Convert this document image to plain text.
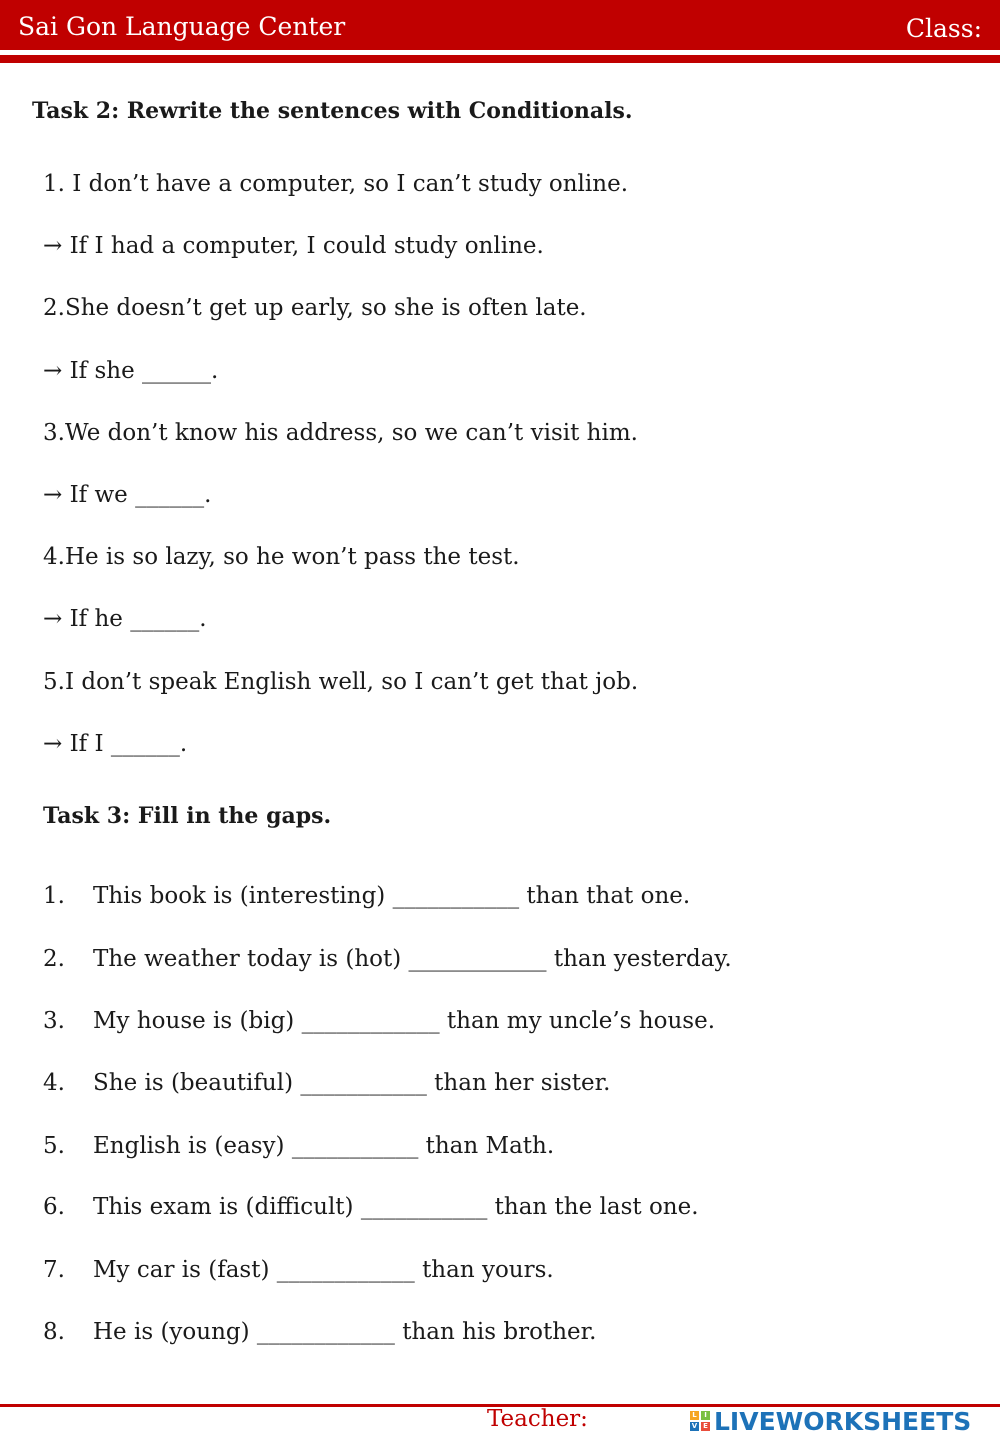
Sai Gon Language Center	Class:
Task 2: Rewrite the sentences with Conditionals.
1. I don’t have a computer, so I can’t study online.
→ If I had a computer, I could study online.
2.She doesn’t get up early, so she is often late.
→ If she ______.
3.We don’t know his address, so we can’t visit him.
→ If we ______.
4.He is so lazy, so he won’t pass the test.
→ If he ______.
5.I don’t speak English well, so I can’t get that job.
→ If I ______.
Task 3: Fill in the gaps.
1. This book is (interesting) ___________ than that one.
2. The weather today is (hot) ____________ than yesterday.
3. My house is (big) ____________ than my uncle’s house.
4. She is (beautiful) ___________ than her sister.
5. English is (easy) ___________ than Math.
6. This exam is (difficult) ___________ than the last one.
7. My car is (fast) ____________ than yours.
8. He is (young) ____________ than his brother.
Teacher:	L	I
V E LIVEWORKSHEETS
